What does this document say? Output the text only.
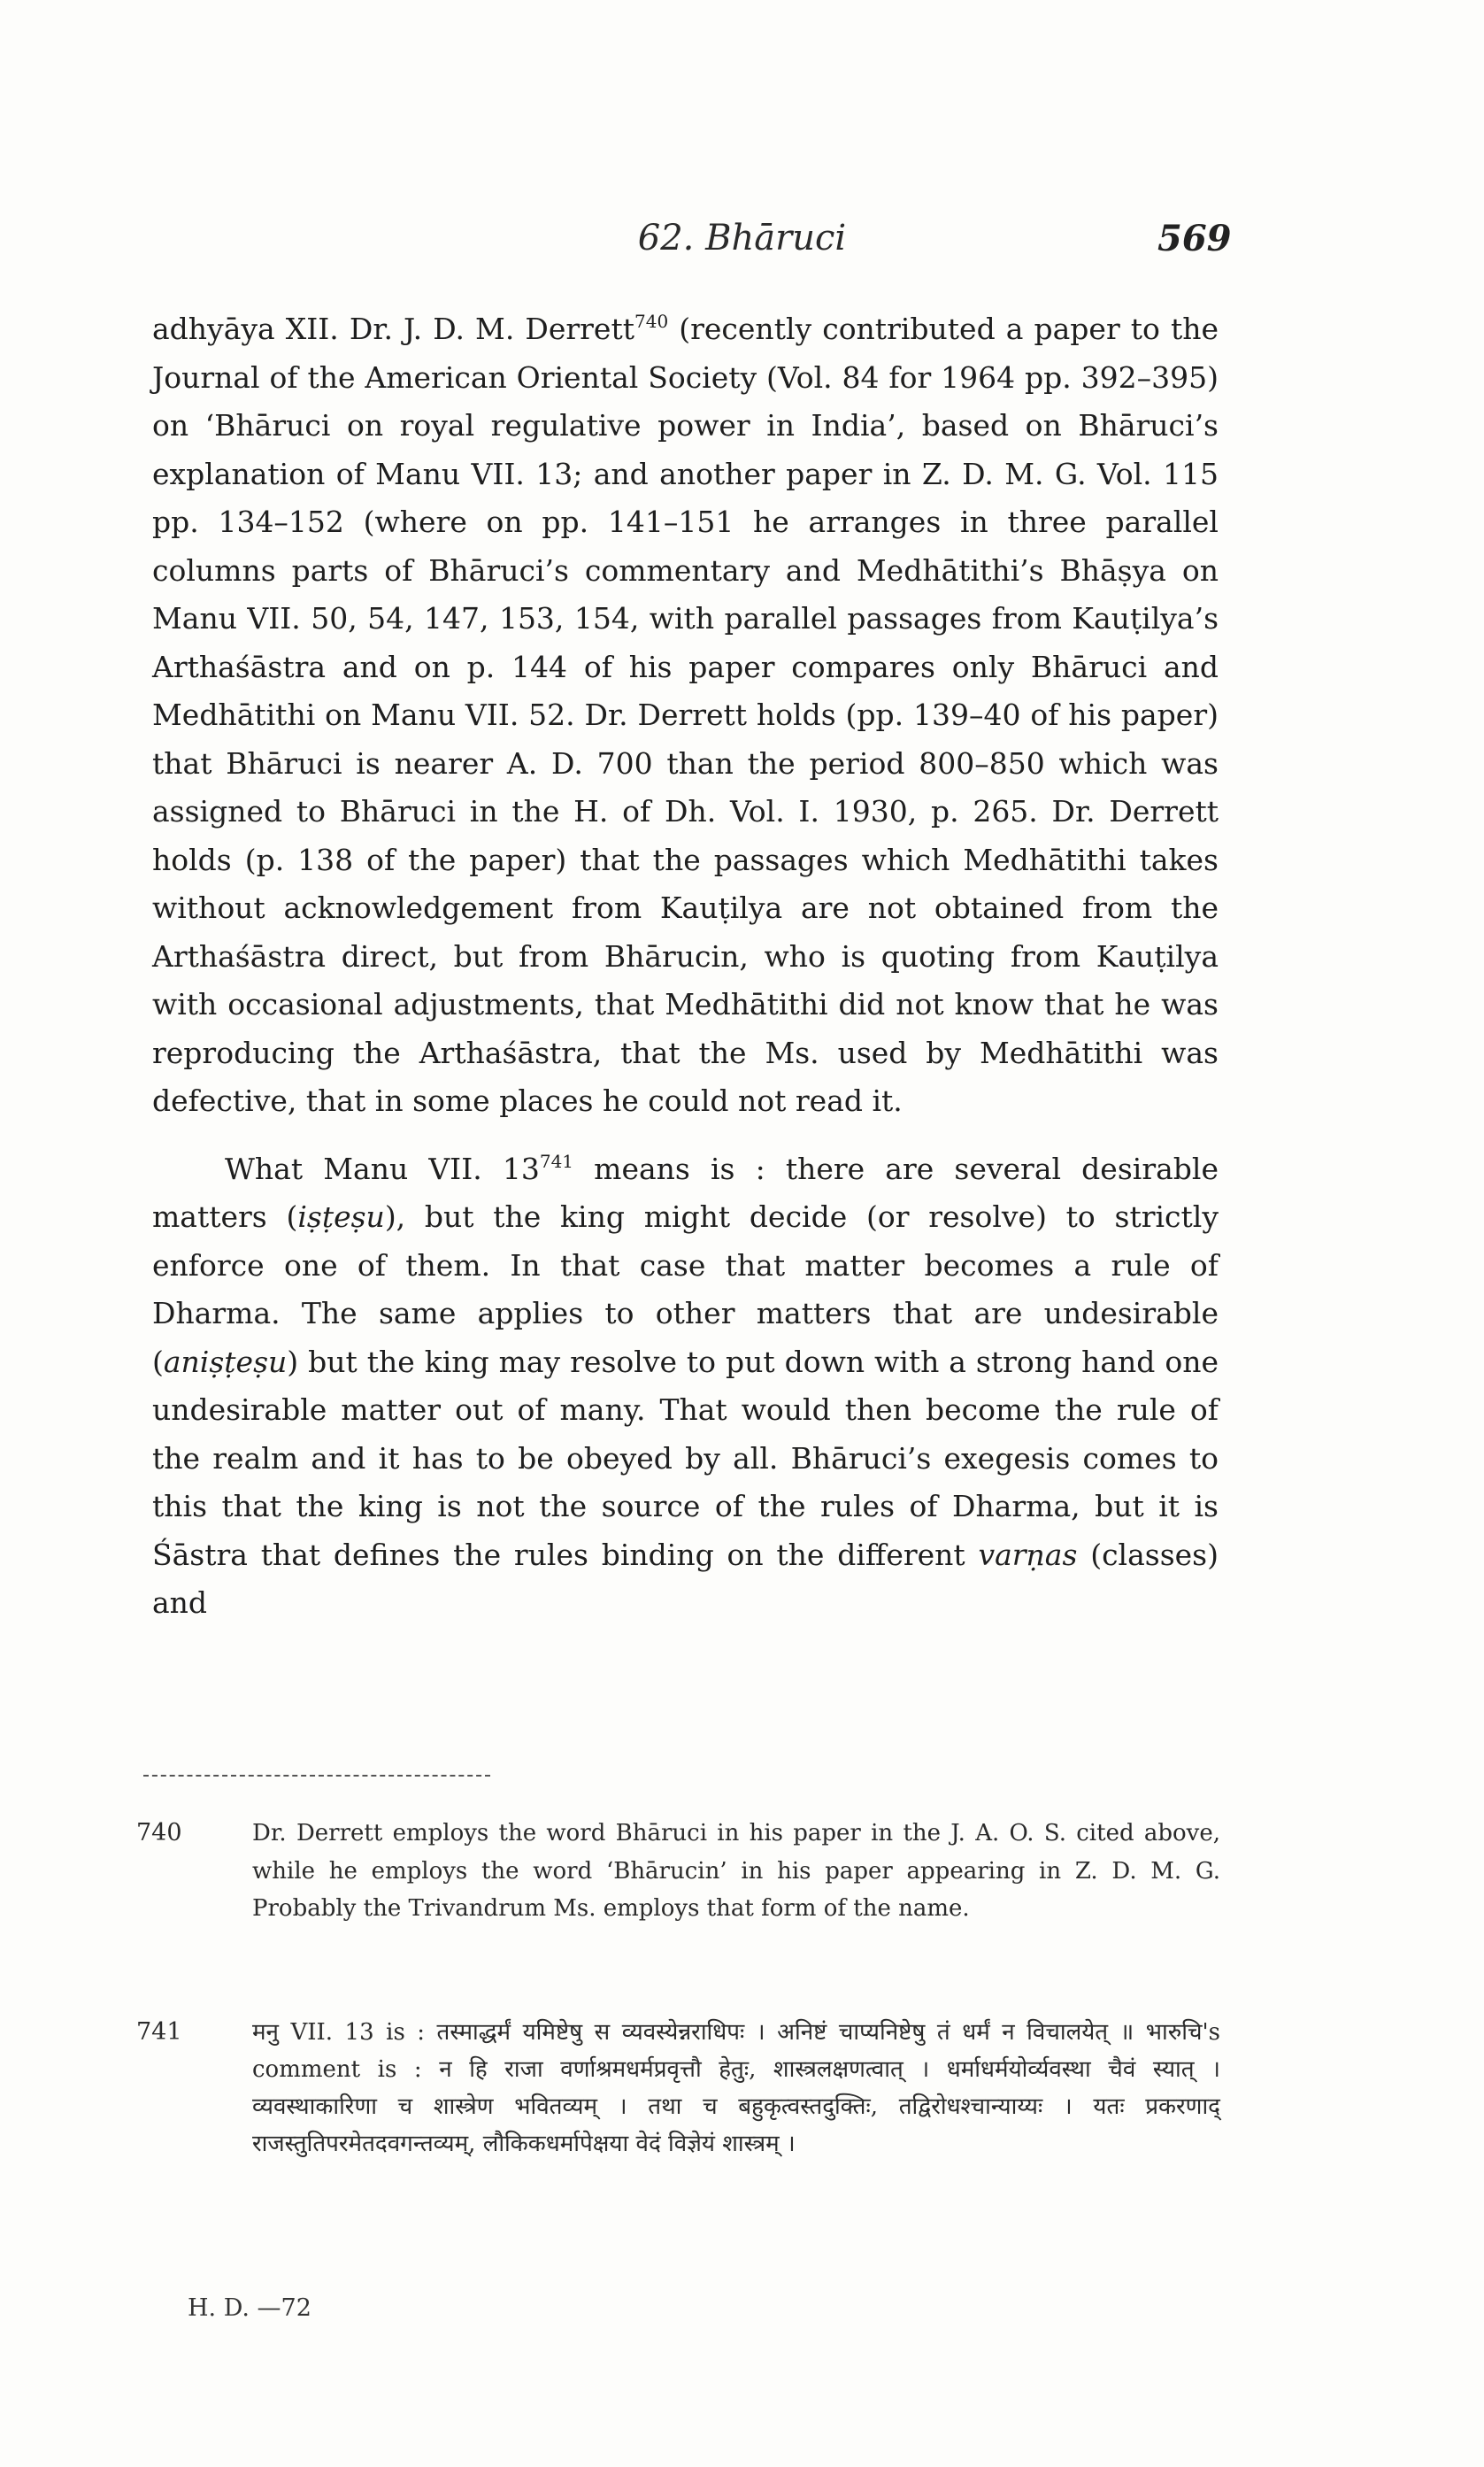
62. Bhāruci	569

adhyāya XII. Dr. J. D. M. Derrett$^{740}$ (recently contributed a paper to the Journal of the American Oriental Society (Vol. 84 for 1964 pp. 392–395) on ‘Bhāruci on royal regulative power in India’, based on Bhāruci’s explanation of Manu VII. 13; and another paper in Z. D. M. G. Vol. 115 pp. 134–152 (where on pp. 141–151 he arranges in three parallel columns parts of Bhāruci’s commentary and Medhātithi’s Bhāṣya on Manu VII. 50, 54, 147, 153, 154, with parallel passages from Kauṭilya’s Arthaśāstra and on p. 144 of his paper compares only Bhāruci and Medhātithi on Manu VII. 52. Dr. Derrett holds (pp. 139–40 of his paper) that Bhāruci is nearer A. D. 700 than the period 800–850 which was assigned to Bhāruci in the H. of Dh. Vol. I. 1930, p. 265. Dr. Derrett holds (p. 138 of the paper) that the passages which Medhātithi takes without acknowledgement from Kauṭilya are not obtained from the Arthaśāstra direct, but from Bhārucin, who is quoting from Kauṭilya with occasional adjustments, that Medhātithi did not know that he was reproducing the Arthaśāstra, that the Ms. used by Medhātithi was defective, that in some places he could not read it.

What Manu VII. $13^{741}$ means is : there are several desirable matters (iṣṭeṣu), but the king might decide (or resolve) to strictly enforce one of them. In that case that matter becomes a rule of Dharma. The same applies to other matters that are undesirable (aniṣṭeṣu) but the king may resolve to put down with a strong hand one undesirable matter out of many. That would then become the rule of the realm and it has to be obeyed by all. Bhāruci’s exegesis comes to this that the king is not the source of the rules of Dharma, but it is Śāstra that defines the rules binding on the different varṇas (classes) and

740	Dr. Derrett employs the word Bhāruci in his paper in the J. A. O. S. cited above, while he employs the word ‘Bhārucin’ in his paper appearing in Z. D. M. G. Probably the Trivandrum Ms. employs that form of the name.
741	मनु VII. 13 is : तस्माद्धर्मं यमिष्टेषु स व्यवस्येन्नराधिपः । अनिष्टं चाप्यनिष्टेषु तं धर्मं न विचालयेत् ॥ भारुचि's comment is : न हि राजा वर्णाश्रमधर्मप्रवृत्तौ हेतुः, शास्त्रलक्षणत्वात् । धर्माधर्मयोर्व्यवस्था चैवं स्यात् । व्यवस्थाकारिणा च शास्त्रेण भवितव्यम् । तथा च बहुकृत्वस्तदुक्तिः, तद्विरोधश्चान्याय्यः । यतः प्रकरणाद् राजस्तुतिपरमेतदवगन्तव्यम्, लौकिकधर्मापेक्षया वेदं विज्ञेयं शास्त्रम् ।
H. D. —72
